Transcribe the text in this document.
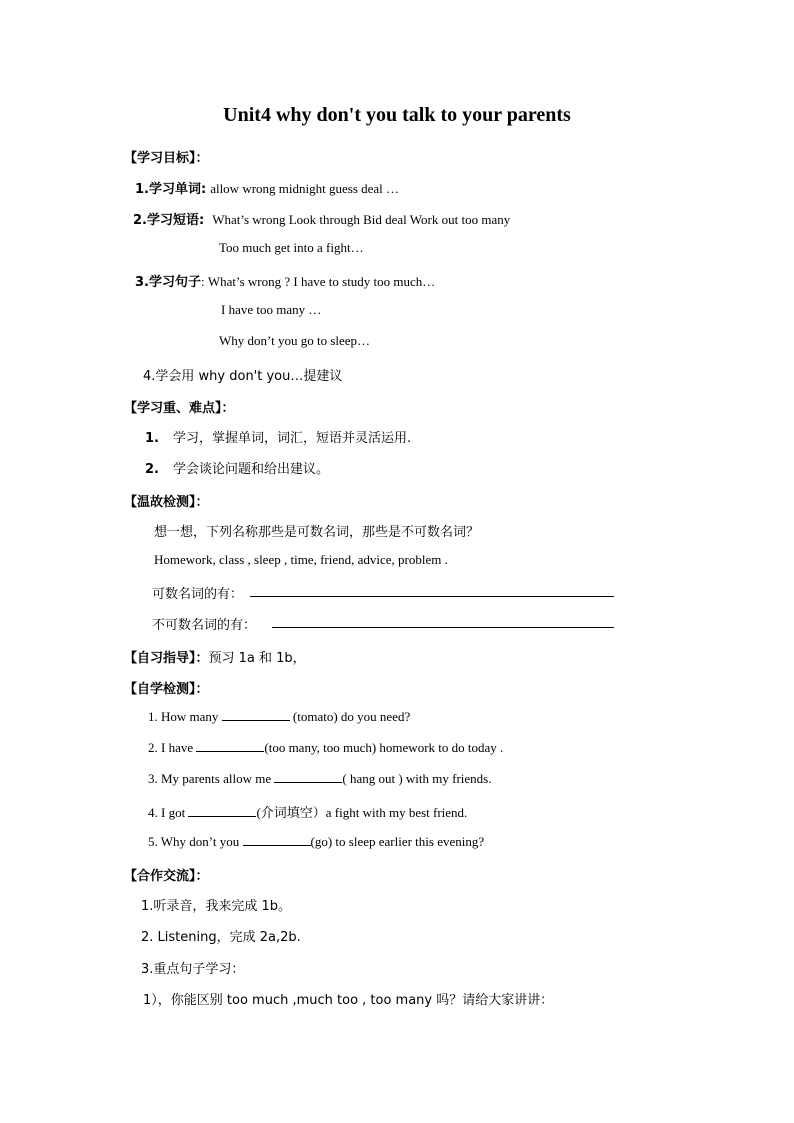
Unit4 why don't you talk to your parents
【学习目标】：
1.学习单词: allow wrong midnight guess deal …
2.学习短语: What’s wrong Look through Bid deal Work out too many
Too much get into a fight…
3.学习句子: What’s wrong ? I have to study too much…
I have too many …
Why don’t you go to sleep…
4.学会用 why don't you…提建议
【学习重、难点】：
1. 学习，掌握单词，词汇，短语并灵活运用.
2. 学会谈论问题和给出建议。
【温故检测】：
想一想，下列名称那些是可数名词，那些是不可数名词？
Homework, class , sleep , time, friend, advice, problem .
可数名词的有：
不可数名词的有：
【自习指导】：预习 1a 和 1b，
【自学检测】：
1. How many	(tomato) do you need?
2. I have	(too many, too much) homework to do today .
3. My parents allow me	( hang out ) with my friends.
4. I got	(介词填空）a fight with my best friend.
5. Why don’t you	(go) to sleep earlier this evening?
【合作交流】：
1.听录音，我来完成 1b。
2. Listening，完成 2a,2b.
3.重点句子学习：
1），你能区别 too much ,much too , too many 吗？请给大家讲讲：
